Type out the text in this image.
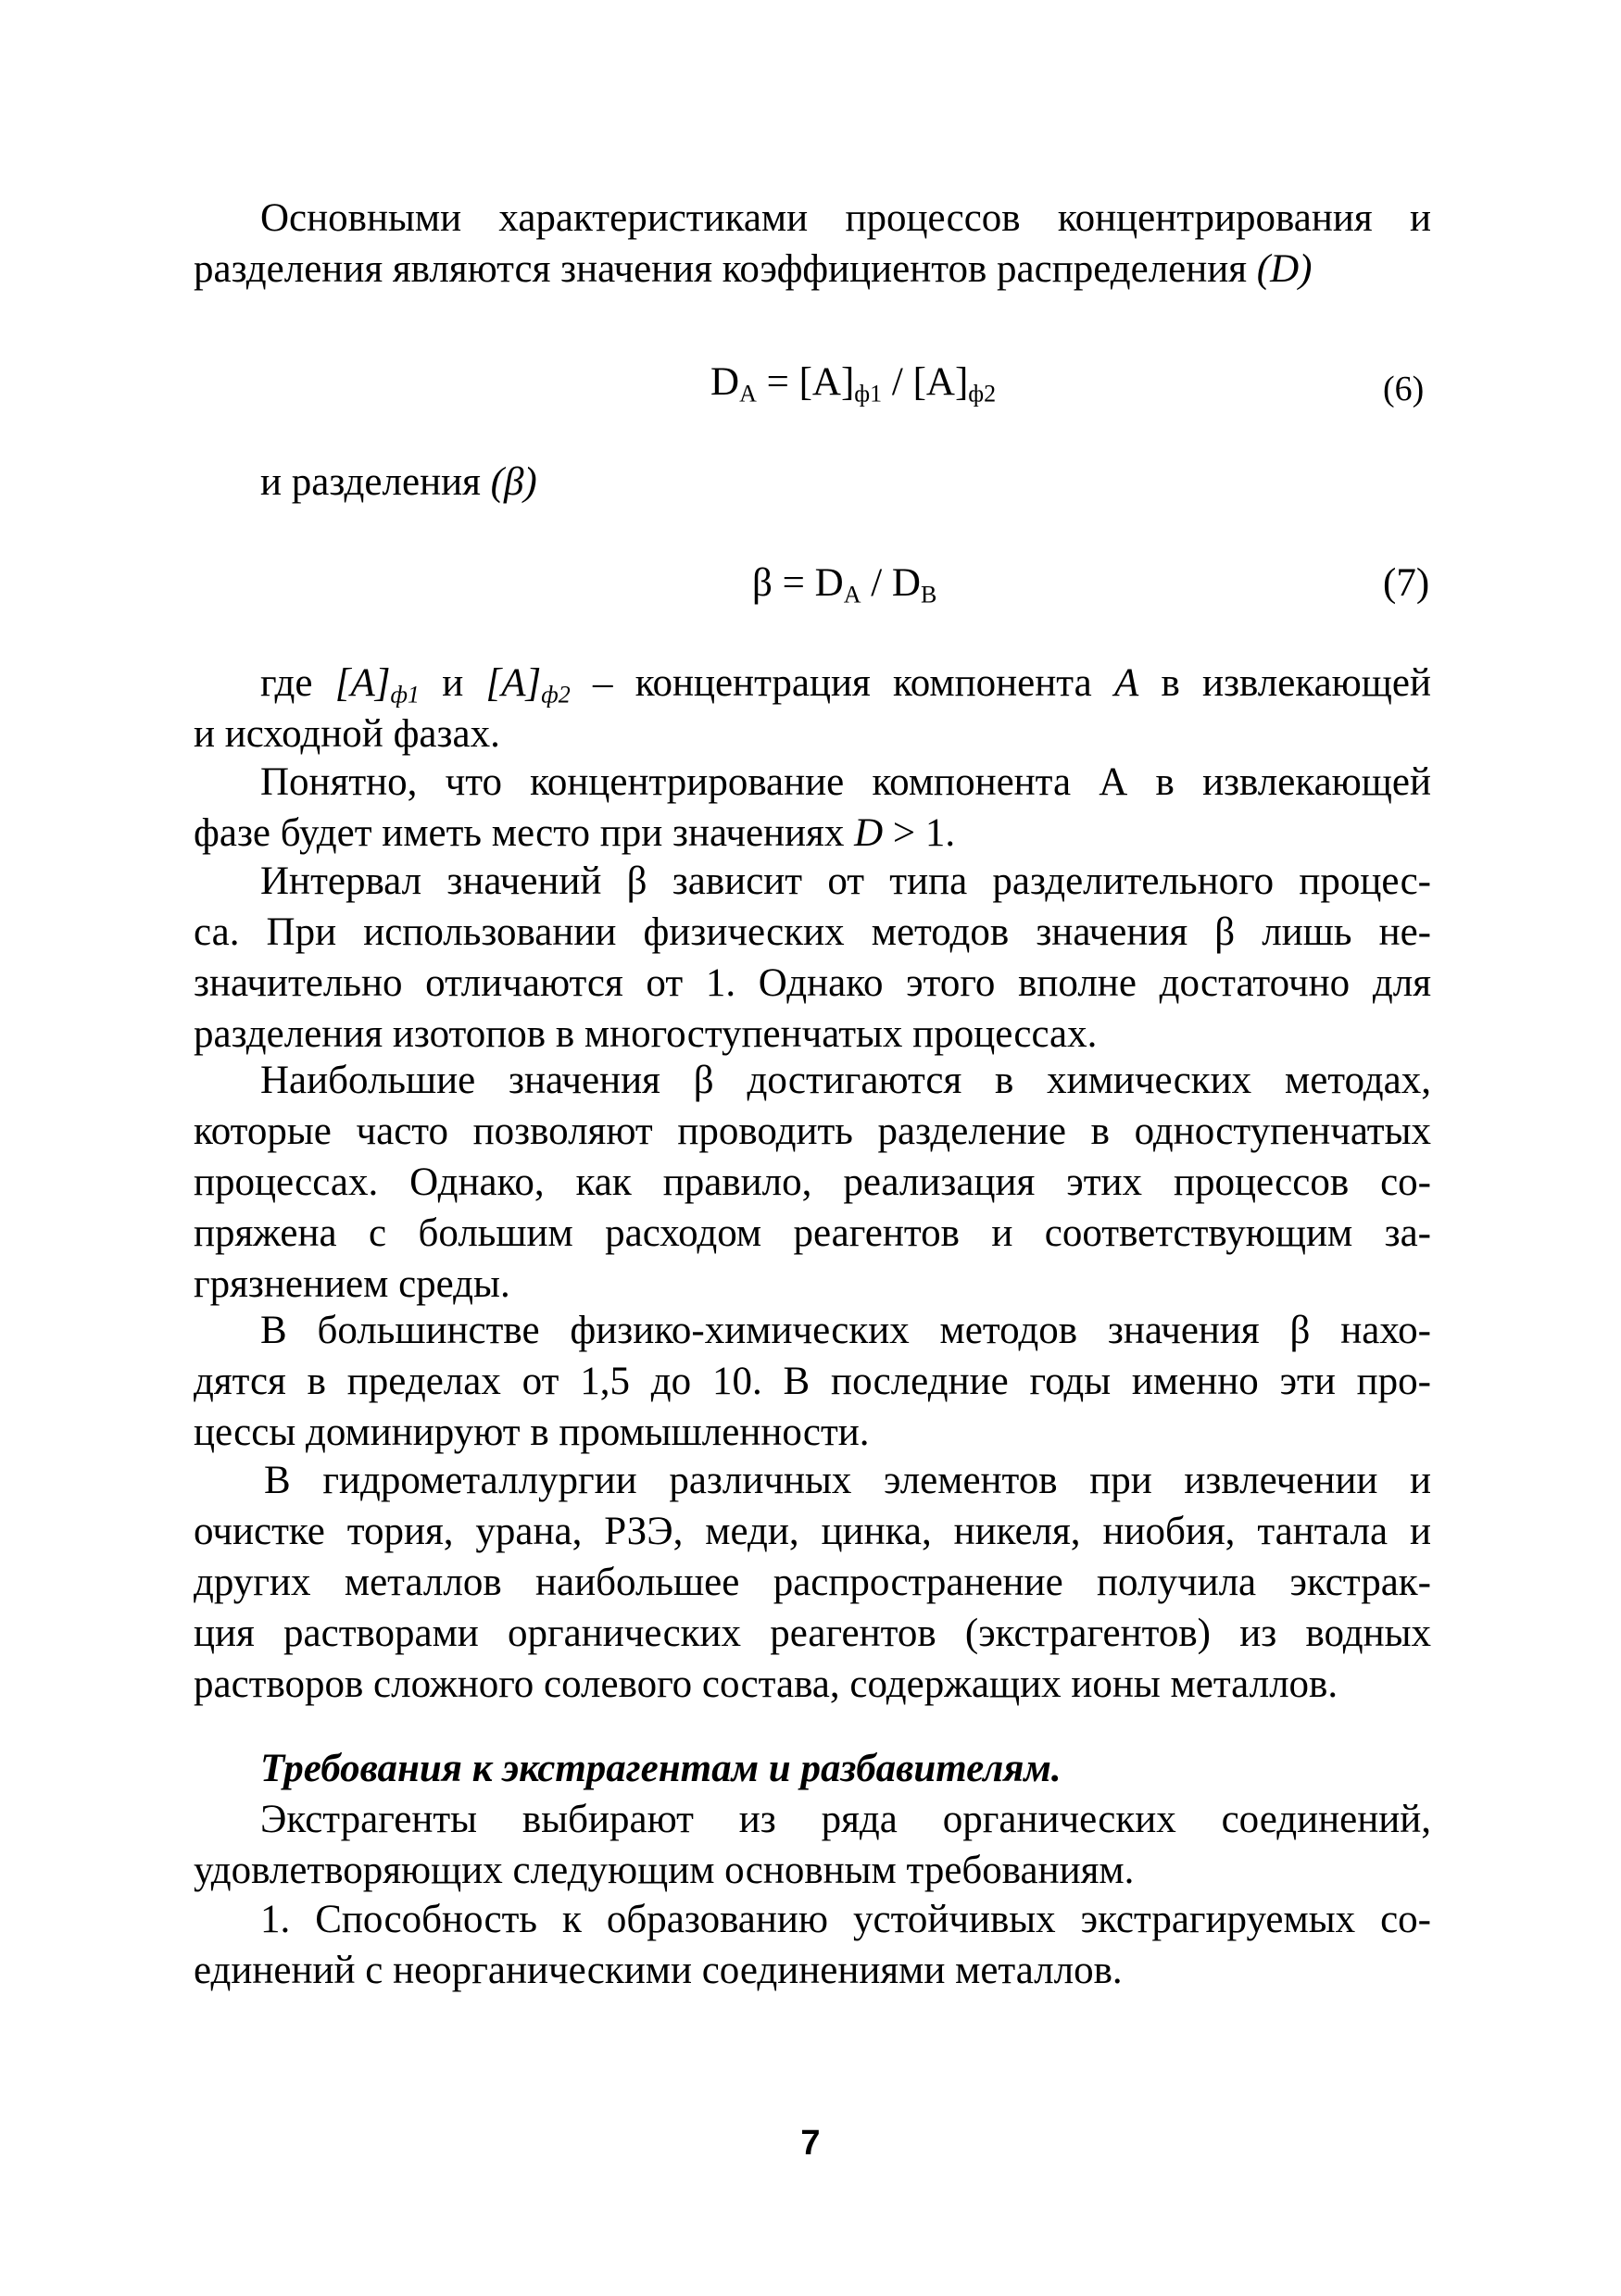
Основными характеристиками процессов концентрирования и
разделения являются значения коэффициентов распределения (D)

$D_A = [A]_{ф1} / [A]_{ф2}$	(6)

и разделения (β)

$\beta = D_A / D_B$	(7)

где $[A]_{ф1}$ и $[A]_{ф2}$ – концентрация компонента A в извлекающей
и исходной фазах.

Понятно, что концентрирование компонента А в извлекающей
фазе будет иметь место при значениях D > 1.

Интервал значений β зависит от типа разделительного процес-
са. При использовании физических методов значения β лишь не-
значительно отличаются от 1. Однако этого вполне достаточно для
разделения изотопов в многоступенчатых процессах.

Наибольшие значения β достигаются в химических методах,
которые часто позволяют проводить разделение в одноступенчатых
процессах. Однако, как правило, реализация этих процессов со-
пряжена с большим расходом реагентов и соответствующим за-
грязнением среды.

В большинстве физико-химических методов значения β нахо-
дятся в пределах от 1,5 до 10. В последние годы именно эти про-
цессы доминируют в промышленности.

В гидрометаллургии различных элементов при извлечении и
очистке тория, урана, РЗЭ, меди, цинка, никеля, ниобия, тантала и
других металлов наибольшее распространение получила экстрак-
ция растворами органических реагентов (экстрагентов) из водных
растворов сложного солевого состава, содержащих ионы металлов.

Требования к экстрагентам и разбавителям.

Экстрагенты выбирают из ряда органических соединений,
удовлетворяющих следующим основным требованиям.

1. Способность к образованию устойчивых экстрагируемых со-
единений с неорганическими соединениями металлов.

7
